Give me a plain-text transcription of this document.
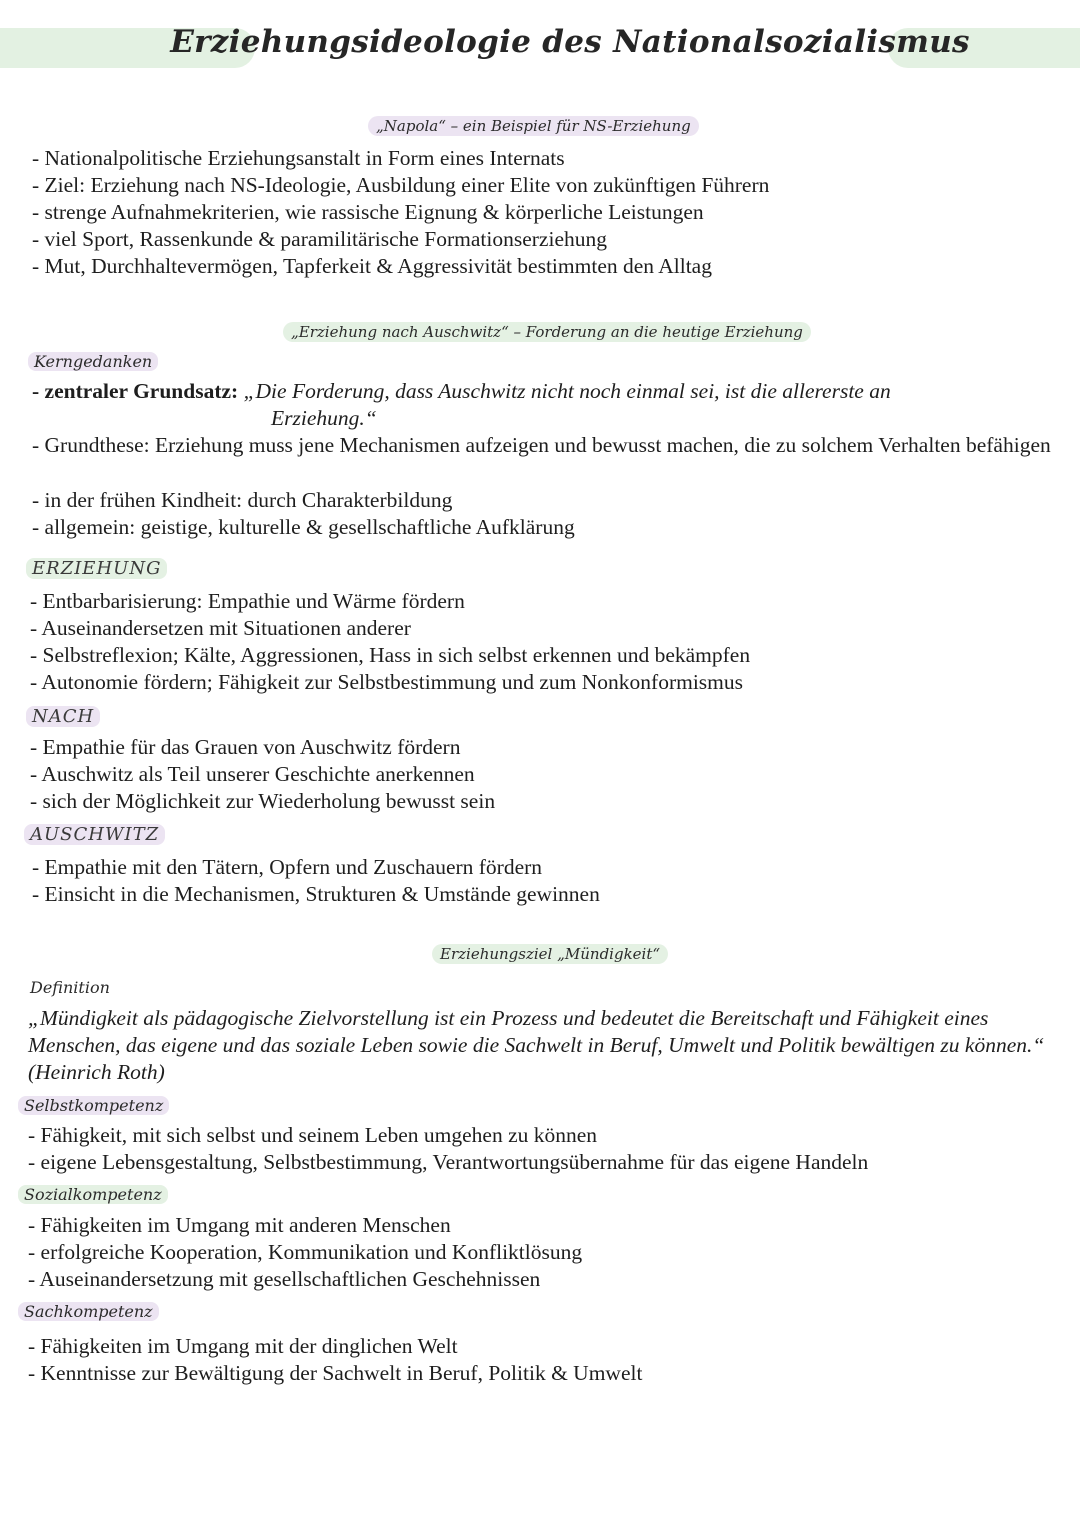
Erziehungsideologie des Nationalsozialismus
„Napola“ – ein Beispiel für NS-Erziehung
- Nationalpolitische Erziehungsanstalt in Form eines Internats
- Ziel: Erziehung nach NS-Ideologie, Ausbildung einer Elite von zukünftigen Führern
- strenge Aufnahmekriterien, wie rassische Eignung & körperliche Leistungen
- viel Sport, Rassenkunde & paramilitärische Formationserziehung
- Mut, Durchhaltevermögen, Tapferkeit & Aggressivität bestimmten den Alltag
„Erziehung nach Auschwitz“ – Forderung an die heutige Erziehung
Kerngedanken
- zentraler Grundsatz: „Die Forderung, dass Auschwitz nicht noch einmal sei, ist die allererste an
Erziehung.“
- Grundthese: Erziehung muss jene Mechanismen aufzeigen und bewusst machen, die zu solchem Verhalten befähigen
- in der frühen Kindheit: durch Charakterbildung
- allgemein: geistige, kulturelle & gesellschaftliche Aufklärung
ERZIEHUNG
- Entbarbarisierung: Empathie und Wärme fördern
- Auseinandersetzen mit Situationen anderer
- Selbstreflexion; Kälte, Aggressionen, Hass in sich selbst erkennen und bekämpfen
- Autonomie fördern; Fähigkeit zur Selbstbestimmung und zum Nonkonformismus
NACH
- Empathie für das Grauen von Auschwitz fördern
- Auschwitz als Teil unserer Geschichte anerkennen
- sich der Möglichkeit zur Wiederholung bewusst sein
AUSCHWITZ
- Empathie mit den Tätern, Opfern und Zuschauern fördern
- Einsicht in die Mechanismen, Strukturen & Umstände gewinnen
Erziehungsziel „Mündigkeit“
Definition
„Mündigkeit als pädagogische Zielvorstellung ist ein Prozess und bedeutet die Bereitschaft und Fähigkeit eines Menschen, das eigene und das soziale Leben sowie die Sachwelt in Beruf, Umwelt und Politik bewältigen zu können.“ (Heinrich Roth)
Selbstkompetenz
- Fähigkeit, mit sich selbst und seinem Leben umgehen zu können
- eigene Lebensgestaltung, Selbstbestimmung, Verantwortungsübernahme für das eigene Handeln
Sozialkompetenz
- Fähigkeiten im Umgang mit anderen Menschen
- erfolgreiche Kooperation, Kommunikation und Konfliktlösung
- Auseinandersetzung mit gesellschaftlichen Geschehnissen
Sachkompetenz
- Fähigkeiten im Umgang mit der dinglichen Welt
- Kenntnisse zur Bewältigung der Sachwelt in Beruf, Politik & Umwelt
